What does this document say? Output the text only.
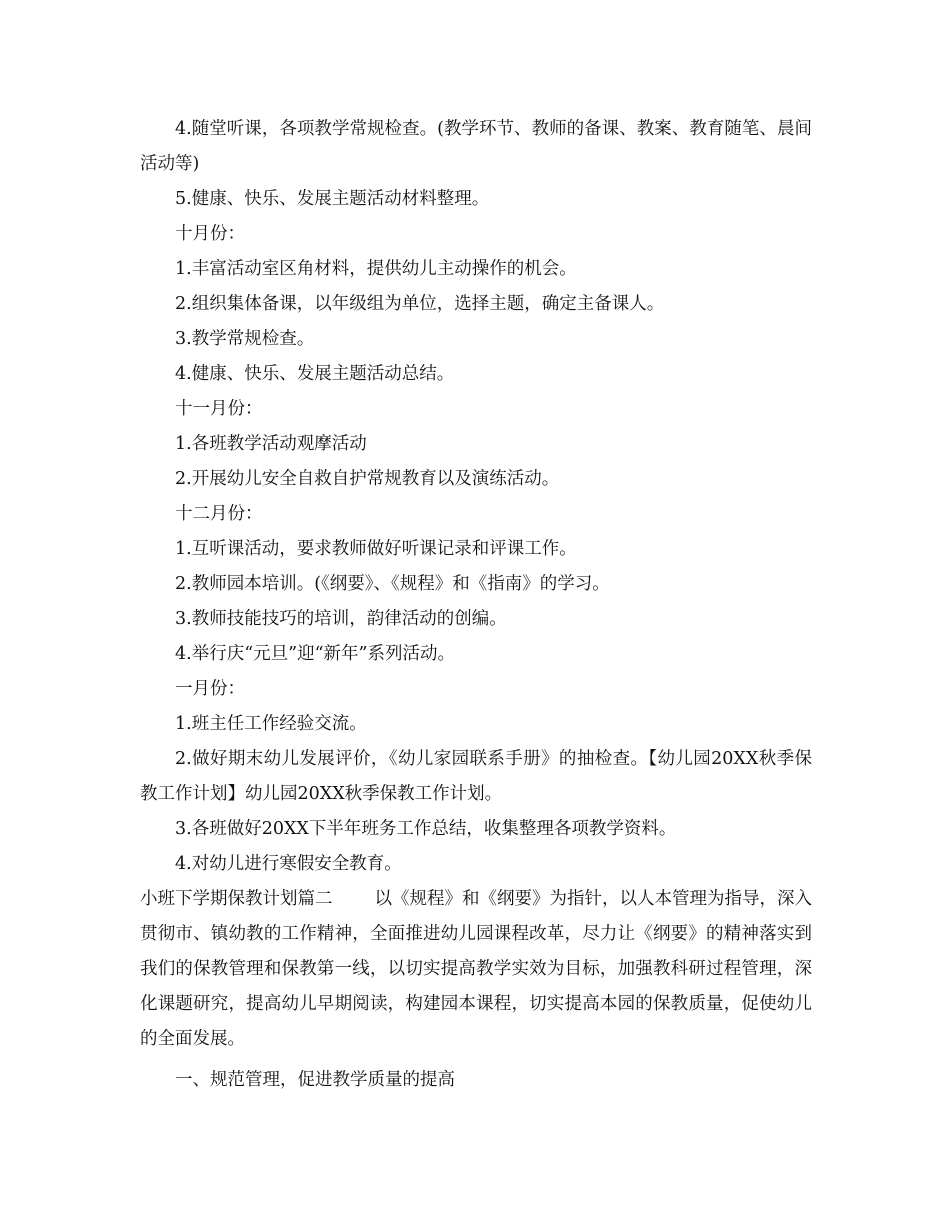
4.随堂听课，各项教学常规检查。(教学环节、教师的备课、教案、教育随笔、晨间活动等)

5.健康、快乐、发展主题活动材料整理。

十月份：

1.丰富活动室区角材料，提供幼儿主动操作的机会。

2.组织集体备课，以年级组为单位，选择主题，确定主备课人。

3.教学常规检查。

4.健康、快乐、发展主题活动总结。

十一月份：

1.各班教学活动观摩活动

2.开展幼儿安全自救自护常规教育以及演练活动。

十二月份：

1.互听课活动，要求教师做好听课记录和评课工作。

2.教师园本培训。(《纲要》、《规程》和《指南》的学习。

3.教师技能技巧的培训，韵律活动的创编。

4.举行庆“元旦”迎“新年”系列活动。

一月份：

1.班主任工作经验交流。

2.做好期末幼儿发展评价，《幼儿家园联系手册》的抽检查。【幼儿园20XX秋季保教工作计划】幼儿园20XX秋季保教工作计划。

3.各班做好20XX下半年班务工作总结，收集整理各项教学资料。

4.对幼儿进行寒假安全教育。

小班下学期保教计划篇二 以《规程》和《纲要》为指针，以人本管理为指导，深入贯彻市、镇幼教的工作精神，全面推进幼儿园课程改革，尽力让《纲要》的精神落实到我们的保教管理和保教第一线，以切实提高教学实效为目标，加强教科研过程管理，深化课题研究，提高幼儿早期阅读，构建园本课程，切实提高本园的保教质量，促使幼儿的全面发展。

一、规范管理，促进教学质量的提高
